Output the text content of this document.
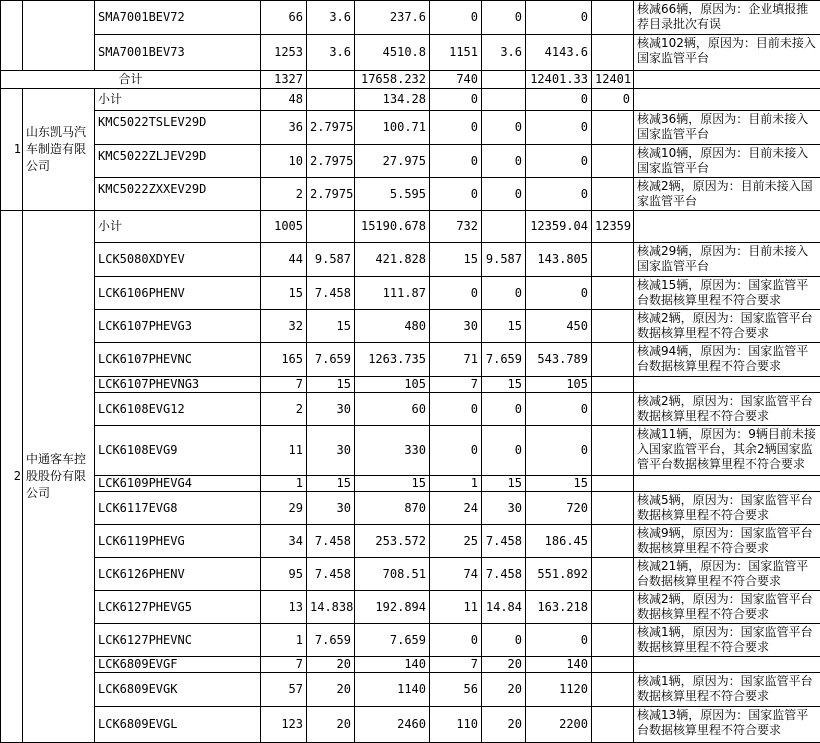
		SMA7001BEV72	66	3.6	237.6	0	0	0		核减66辆，原因为：企业填报推荐目录批次有误
		SMA7001BEV73	1253	3.6	4510.8	1151	3.6	4143.6		核减102辆，原因为：目前未接入国家监管平台
合计			1327		17658.232	740		12401.33	12401	
1	山东凯马汽车制造有限公司	小计	48		134.28	0		0	0	
		KMC5022TSLEV29D	36	2.7975	100.71	0	0	0		核减36辆，原因为：目前未接入国家监管平台
		KMC5022ZLJEV29D	10	2.7975	27.975	0	0	0		核减10辆，原因为：目前未接入国家监管平台
		KMC5022ZXXEV29D	2	2.7975	5.595	0	0	0		核减2辆，原因为：目前未接入国家监管平台
2	中通客车控股股份有限公司	小计	1005		15190.678	732		12359.04	12359	
		LCK5080XDYEV	44	9.587	421.828	15	9.587	143.805		核减29辆，原因为：目前未接入国家监管平台
		LCK6106PHENV	15	7.458	111.87	0	0	0		核减15辆，原因为：国家监管平台数据核算里程不符合要求
		LCK6107PHEVG3	32	15	480	30	15	450		核减2辆，原因为：国家监管平台数据核算里程不符合要求
		LCK6107PHEVNC	165	7.659	1263.735	71	7.659	543.789		核减94辆，原因为：国家监管平台数据核算里程不符合要求
		LCK6107PHEVNG3	7	15	105	7	15	105		
		LCK6108EVG12	2	30	60	0	0	0		核减2辆，原因为：国家监管平台数据核算里程不符合要求
		LCK6108EVG9	11	30	330	0	0	0		核减11辆，原因为：9辆目前未接入国家监管平台，其余2辆国家监管平台数据核算里程不符合要求
		LCK6109PHEVG4	1	15	15	1	15	15		
		LCK6117EVG8	29	30	870	24	30	720		核减5辆，原因为：国家监管平台数据核算里程不符合要求
		LCK6119PHEVG	34	7.458	253.572	25	7.458	186.45		核减9辆，原因为：国家监管平台数据核算里程不符合要求
		LCK6126PHENV	95	7.458	708.51	74	7.458	551.892		核减21辆，原因为：国家监管平台数据核算里程不符合要求
		LCK6127PHEVG5	13	14.838	192.894	11	14.84	163.218		核减2辆，原因为：国家监管平台数据核算里程不符合要求
		LCK6127PHEVNC	1	7.659	7.659	0	0	0		核减1辆，原因为：国家监管平台数据核算里程不符合要求
		LCK6809EVGF	7	20	140	7	20	140		
		LCK6809EVGK	57	20	1140	56	20	1120		核减1辆，原因为：国家监管平台数据核算里程不符合要求
		LCK6809EVGL	123	20	2460	110	20	2200		核减13辆，原因为：国家监管平台数据核算里程不符合要求
